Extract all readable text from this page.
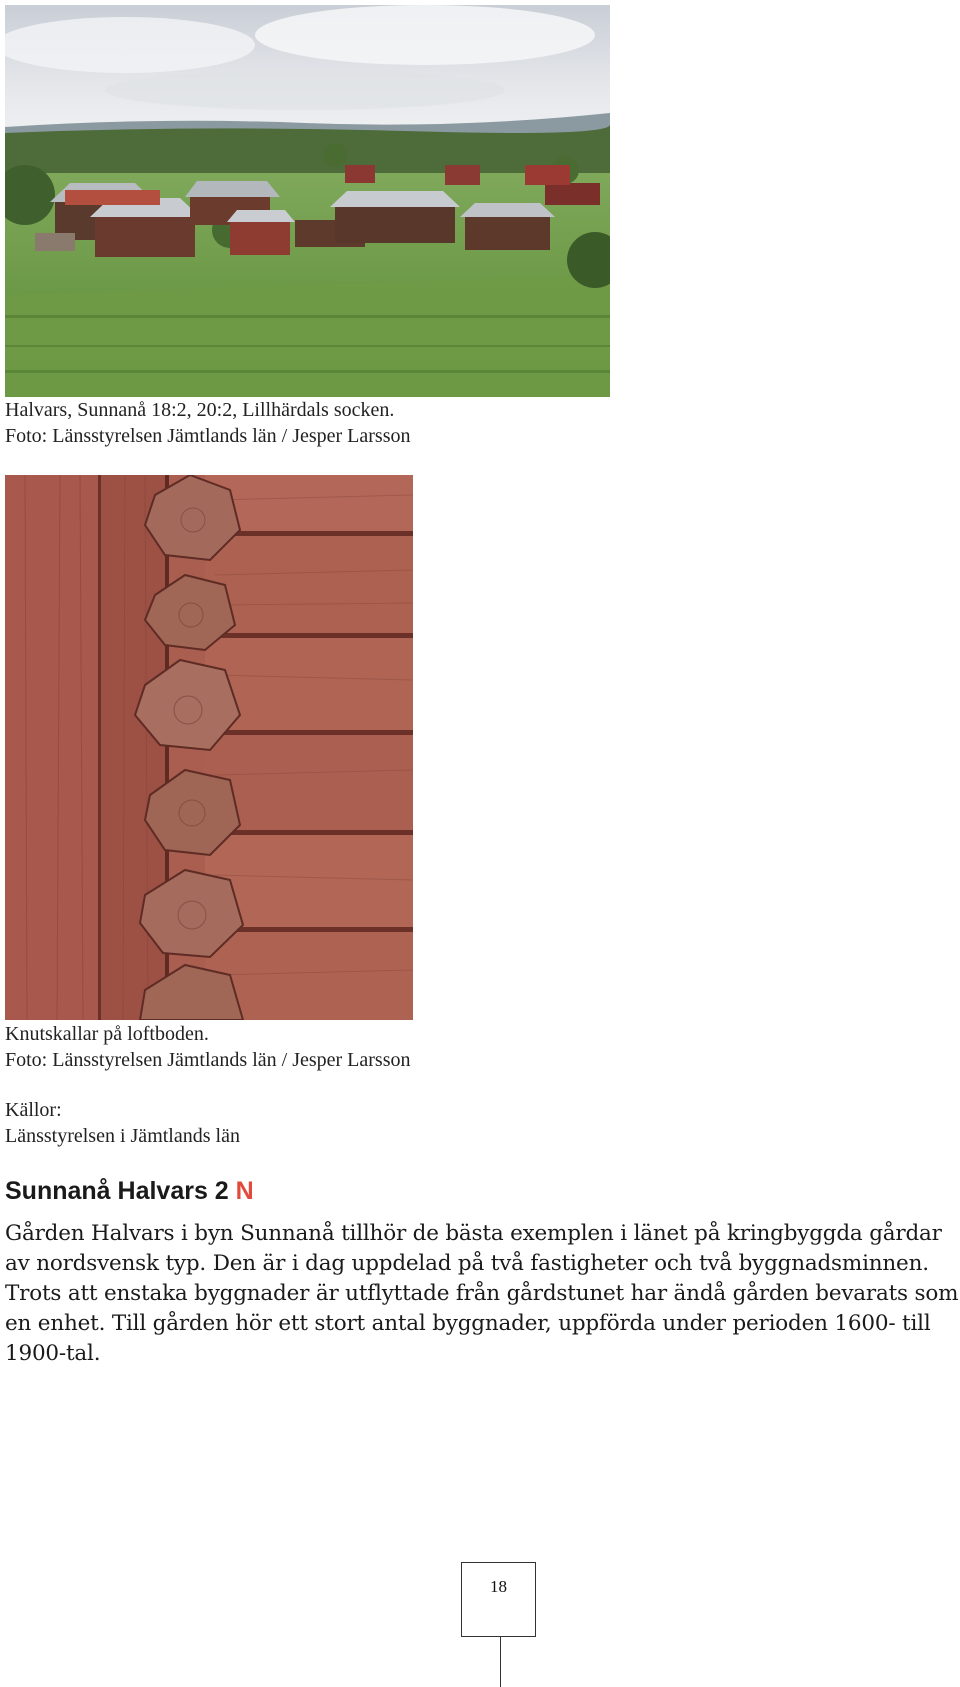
Halvars, Sunnanå 18:2, 20:2, Lillhärdals socken.
Foto: Länsstyrelsen Jämtlands län / Jesper Larsson
Knutskallar på loftboden.
Foto: Länsstyrelsen Jämtlands län / Jesper Larsson
Källor:
Länsstyrelsen i Jämtlands län
Sunnanå Halvars 2 N

Gården Halvars i byn Sunnanå tillhör de bästa exemplen i länet på kringbyggda gårdar av nordsvensk typ. Den är i dag uppdelad på två fastigheter och två byggnadsminnen.

Trots att enstaka byggnader är utflyttade från gårdstunet har ändå gården bevarats som en enhet. Till gården hör ett stort antal byggnader, uppförda under perioden 1600- till 1900-tal.

18
